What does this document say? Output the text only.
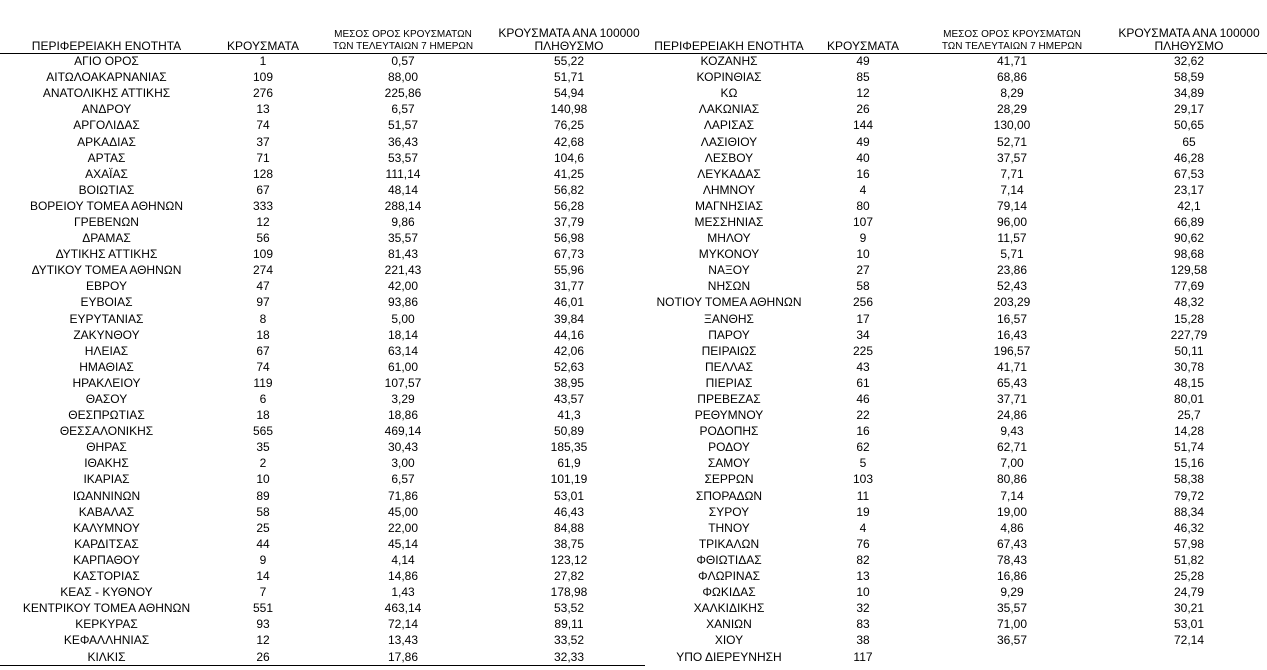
ΠΕΡΙΦΕΡΕΙΑΚΗ ΕΝΟΤΗΤΑ	ΚΡΟΥΣΜΑΤΑ	ΜΕΣΟΣ ΟΡΟΣ ΚΡΟΥΣΜΑΤΩΝ
ΤΩΝ ΤΕΛΕΥΤΑΙΩΝ 7 ΗΜΕΡΩΝ	ΚΡΟΥΣΜΑΤΑ ΑΝΑ 100000
ΠΛΗΘΥΣΜΟ
ΑΓΙΟ ΟΡΟΣ	1	0,57	55,22
ΑΙΤΩΛΟΑΚΑΡΝΑΝΙΑΣ	109	88,00	51,71
ΑΝΑΤΟΛΙΚΗΣ ΑΤΤΙΚΗΣ	276	225,86	54,94
ΑΝΔΡΟΥ	13	6,57	140,98
ΑΡΓΟΛΙΔΑΣ	74	51,57	76,25
ΑΡΚΑΔΙΑΣ	37	36,43	42,68
ΑΡΤΑΣ	71	53,57	104,6
ΑΧΑΪΑΣ	128	111,14	41,25
ΒΟΙΩΤΙΑΣ	67	48,14	56,82
ΒΟΡΕΙΟΥ ΤΟΜΕΑ ΑΘΗΝΩΝ	333	288,14	56,28
ΓΡΕΒΕΝΩΝ	12	9,86	37,79
ΔΡΑΜΑΣ	56	35,57	56,98
ΔΥΤΙΚΗΣ ΑΤΤΙΚΗΣ	109	81,43	67,73
ΔΥΤΙΚΟΥ ΤΟΜΕΑ ΑΘΗΝΩΝ	274	221,43	55,96
ΕΒΡΟΥ	47	42,00	31,77
ΕΥΒΟΙΑΣ	97	93,86	46,01
ΕΥΡΥΤΑΝΙΑΣ	8	5,00	39,84
ΖΑΚΥΝΘΟΥ	18	18,14	44,16
ΗΛΕΙΑΣ	67	63,14	42,06
ΗΜΑΘΙΑΣ	74	61,00	52,63
ΗΡΑΚΛΕΙΟΥ	119	107,57	38,95
ΘΑΣΟΥ	6	3,29	43,57
ΘΕΣΠΡΩΤΙΑΣ	18	18,86	41,3
ΘΕΣΣΑΛΟΝΙΚΗΣ	565	469,14	50,89
ΘΗΡΑΣ	35	30,43	185,35
ΙΘΑΚΗΣ	2	3,00	61,9
ΙΚΑΡΙΑΣ	10	6,57	101,19
ΙΩΑΝΝΙΝΩΝ	89	71,86	53,01
ΚΑΒΑΛΑΣ	58	45,00	46,43
ΚΑΛΥΜΝΟΥ	25	22,00	84,88
ΚΑΡΔΙΤΣΑΣ	44	45,14	38,75
ΚΑΡΠΑΘΟΥ	9	4,14	123,12
ΚΑΣΤΟΡΙΑΣ	14	14,86	27,82
ΚΕΑΣ - ΚΥΘΝΟΥ	7	1,43	178,98
ΚΕΝΤΡΙΚΟΥ ΤΟΜΕΑ ΑΘΗΝΩΝ	551	463,14	53,52
ΚΕΡΚΥΡΑΣ	93	72,14	89,11
ΚΕΦΑΛΛΗΝΙΑΣ	12	13,43	33,52
ΚΙΛΚΙΣ	26	17,86	32,33
ΠΕΡΙΦΕΡΕΙΑΚΗ ΕΝΟΤΗΤΑ	ΚΡΟΥΣΜΑΤΑ	ΜΕΣΟΣ ΟΡΟΣ ΚΡΟΥΣΜΑΤΩΝ
ΤΩΝ ΤΕΛΕΥΤΑΙΩΝ 7 ΗΜΕΡΩΝ	ΚΡΟΥΣΜΑΤΑ ΑΝΑ 100000
ΠΛΗΘΥΣΜΟ
ΚΟΖΑΝΗΣ	49	41,71	32,62
ΚΟΡΙΝΘΙΑΣ	85	68,86	58,59
ΚΩ	12	8,29	34,89
ΛΑΚΩΝΙΑΣ	26	28,29	29,17
ΛΑΡΙΣΑΣ	144	130,00	50,65
ΛΑΣΙΘΙΟΥ	49	52,71	65
ΛΕΣΒΟΥ	40	37,57	46,28
ΛΕΥΚΑΔΑΣ	16	7,71	67,53
ΛΗΜΝΟΥ	4	7,14	23,17
ΜΑΓΝΗΣΙΑΣ	80	79,14	42,1
ΜΕΣΣΗΝΙΑΣ	107	96,00	66,89
ΜΗΛΟΥ	9	11,57	90,62
ΜΥΚΟΝΟΥ	10	5,71	98,68
ΝΑΞΟΥ	27	23,86	129,58
ΝΗΣΩΝ	58	52,43	77,69
ΝΟΤΙΟΥ ΤΟΜΕΑ ΑΘΗΝΩΝ	256	203,29	48,32
ΞΑΝΘΗΣ	17	16,57	15,28
ΠΑΡΟΥ	34	16,43	227,79
ΠΕΙΡΑΙΩΣ	225	196,57	50,11
ΠΕΛΛΑΣ	43	41,71	30,78
ΠΙΕΡΙΑΣ	61	65,43	48,15
ΠΡΕΒΕΖΑΣ	46	37,71	80,01
ΡΕΘΥΜΝΟΥ	22	24,86	25,7
ΡΟΔΟΠΗΣ	16	9,43	14,28
ΡΟΔΟΥ	62	62,71	51,74
ΣΑΜΟΥ	5	7,00	15,16
ΣΕΡΡΩΝ	103	80,86	58,38
ΣΠΟΡΑΔΩΝ	11	7,14	79,72
ΣΥΡΟΥ	19	19,00	88,34
ΤΗΝΟΥ	4	4,86	46,32
ΤΡΙΚΑΛΩΝ	76	67,43	57,98
ΦΘΙΩΤΙΔΑΣ	82	78,43	51,82
ΦΛΩΡΙΝΑΣ	13	16,86	25,28
ΦΩΚΙΔΑΣ	10	9,29	24,79
ΧΑΛΚΙΔΙΚΗΣ	32	35,57	30,21
ΧΑΝΙΩΝ	83	71,00	53,01
ΧΙΟΥ	38	36,57	72,14
ΥΠΟ ΔΙΕΡΕΥΝΗΣΗ	117		
